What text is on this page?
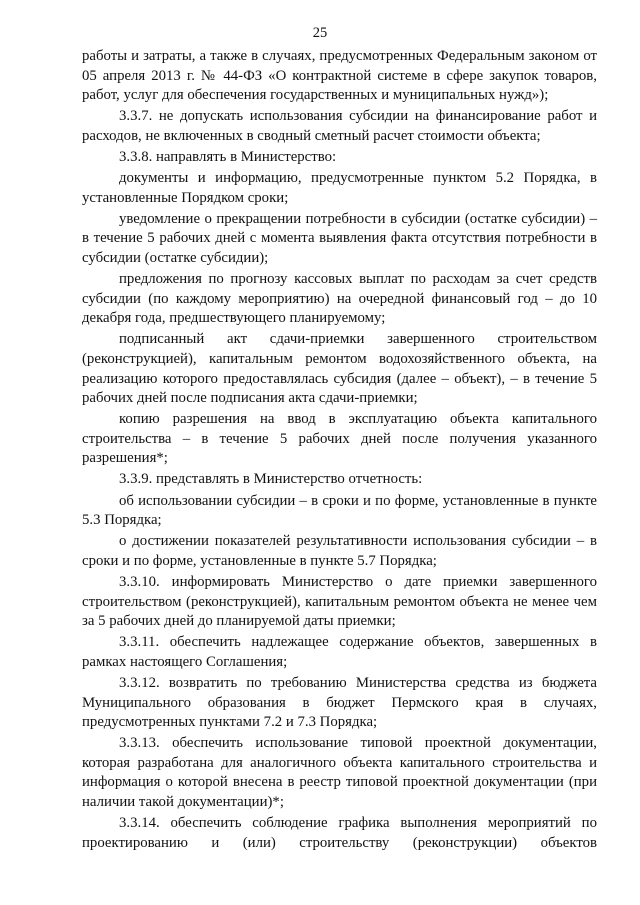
25

работы и затраты, а также в случаях, предусмотренных Федеральным законом от 05 апреля 2013 г. № 44-ФЗ «О контрактной системе в сфере закупок товаров, работ, услуг для обеспечения государственных и муниципальных нужд»);

3.3.7. не допускать использования субсидии на финансирование работ и расходов, не включенных в сводный сметный расчет стоимости объекта;

3.3.8. направлять в Министерство:

документы и информацию, предусмотренные пунктом 5.2 Порядка, в установленные Порядком сроки;

уведомление о прекращении потребности в субсидии (остатке субсидии) – в течение 5 рабочих дней с момента выявления факта отсутствия потребности в субсидии (остатке субсидии);

предложения по прогнозу кассовых выплат по расходам за счет средств субсидии (по каждому мероприятию) на очередной финансовый год – до 10 декабря года, предшествующего планируемому;

подписанный акт сдачи-приемки завершенного строительством (реконструкцией), капитальным ремонтом водохозяйственного объекта, на реализацию которого предоставлялась субсидия (далее – объект), – в течение 5 рабочих дней после подписания акта сдачи-приемки;

копию разрешения на ввод в эксплуатацию объекта капитального строительства – в течение 5 рабочих дней после получения указанного разрешения*;

3.3.9. представлять в Министерство отчетность:

об использовании субсидии – в сроки и по форме, установленные в пункте 5.3 Порядка;

о достижении показателей результативности использования субсидии – в сроки и по форме, установленные в пункте 5.7 Порядка;

3.3.10. информировать Министерство о дате приемки завершенного строительством (реконструкцией), капитальным ремонтом объекта не менее чем за 5 рабочих дней до планируемой даты приемки;

3.3.11. обеспечить надлежащее содержание объектов, завершенных в рамках настоящего Соглашения;

3.3.12. возвратить по требованию Министерства средства из бюджета Муниципального образования в бюджет Пермского края в случаях, предусмотренных пунктами 7.2 и 7.3 Порядка;

3.3.13. обеспечить использование типовой проектной документации, которая разработана для аналогичного объекта капитального строительства и информация о которой внесена в реестр типовой проектной документации (при наличии такой документации)*;

3.3.14. обеспечить соблюдение графика выполнения мероприятий по проектированию и (или) строительству (реконструкции) объектов
